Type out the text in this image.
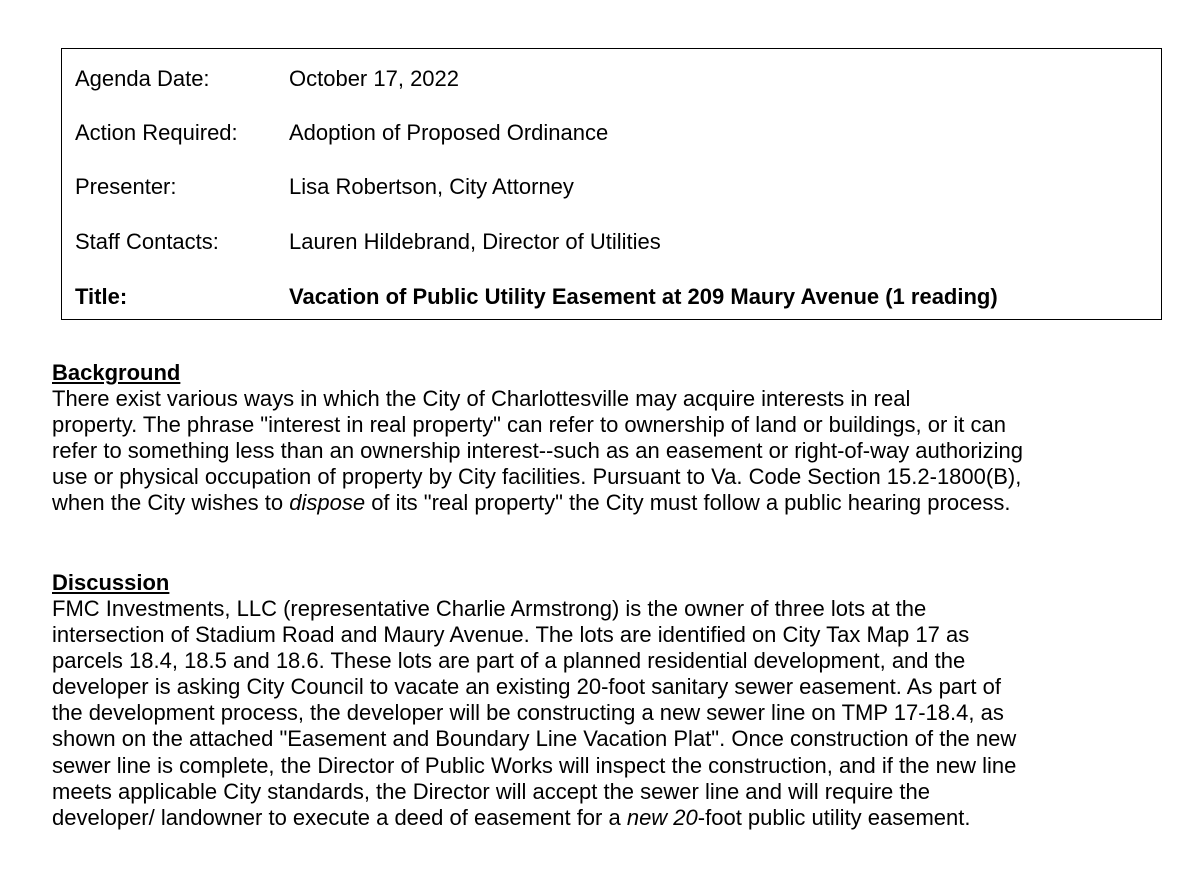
Agenda Date:	October 17, 2022
Action Required: Adoption of Proposed Ordinance
Presenter:	Lisa Robertson, City Attorney
Staff Contacts:	Lauren Hildebrand, Director of Utilities
Title:	Vacation of Public Utility Easement at 209 Maury Avenue (1 reading)
Background
There exist various ways in which the City of Charlottesville may acquire interests in real
property. The phrase "interest in real property" can refer to ownership of land or buildings, or it can
refer to something less than an ownership interest--such as an easement or right-of-way authorizing
use or physical occupation of property by City facilities. Pursuant to Va. Code Section 15.2-1800(B),
when the City wishes to dispose of its "real property" the City must follow a public hearing process.
Discussion
FMC Investments, LLC (representative Charlie Armstrong) is the owner of three lots at the
intersection of Stadium Road and Maury Avenue. The lots are identified on City Tax Map 17 as
parcels 18.4, 18.5 and 18.6. These lots are part of a planned residential development, and the
developer is asking City Council to vacate an existing 20-foot sanitary sewer easement. As part of
the development process, the developer will be constructing a new sewer line on TMP 17-18.4, as
shown on the attached "Easement and Boundary Line Vacation Plat". Once construction of the new
sewer line is complete, the Director of Public Works will inspect the construction, and if the new line
meets applicable City standards, the Director will accept the sewer line and will require the
developer/ landowner to execute a deed of easement for a new 20-foot public utility easement.
